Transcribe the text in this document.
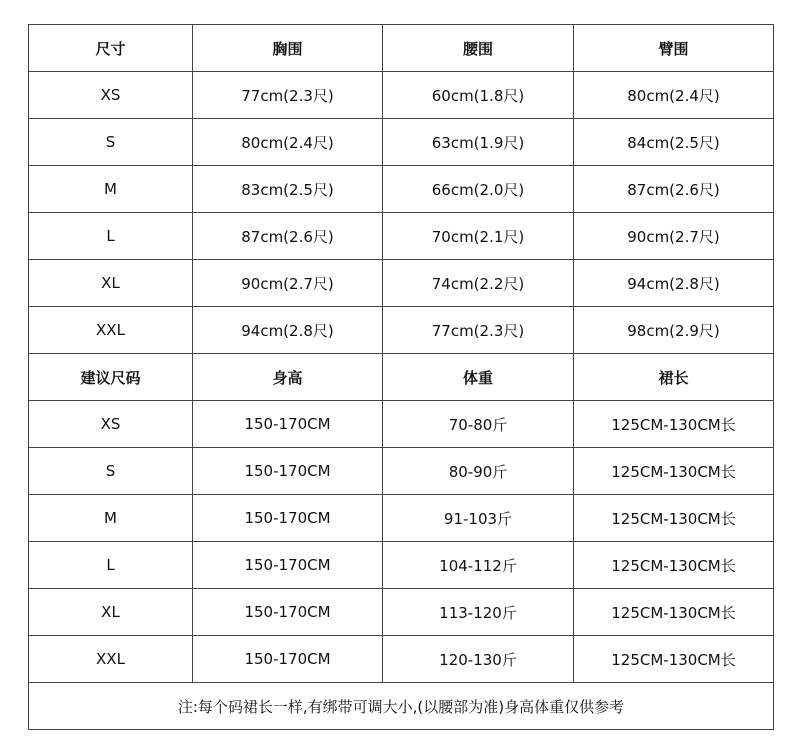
尺寸	胸围	腰围	臂围
XS	77cm(2.3尺)	60cm(1.8尺)	80cm(2.4尺)
S	80cm(2.4尺)	63cm(1.9尺)	84cm(2.5尺)
M	83cm(2.5尺)	66cm(2.0尺)	87cm(2.6尺)
L	87cm(2.6尺)	70cm(2.1尺)	90cm(2.7尺)
XL	90cm(2.7尺)	74cm(2.2尺)	94cm(2.8尺)
XXL	94cm(2.8尺)	77cm(2.3尺)	98cm(2.9尺)
建议尺码	身高	体重	裙长
XS	150-170CM	70-80斤	125CM-130CM长
S	150-170CM	80-90斤	125CM-130CM长
M	150-170CM	91-103斤	125CM-130CM长
L	150-170CM	104-112斤	125CM-130CM长
XL	150-170CM	113-120斤	125CM-130CM长
XXL	150-170CM	120-130斤	125CM-130CM长
注:每个码裙长一样,有绑带可调大小,(以腰部为准)身高体重仅供参考			
